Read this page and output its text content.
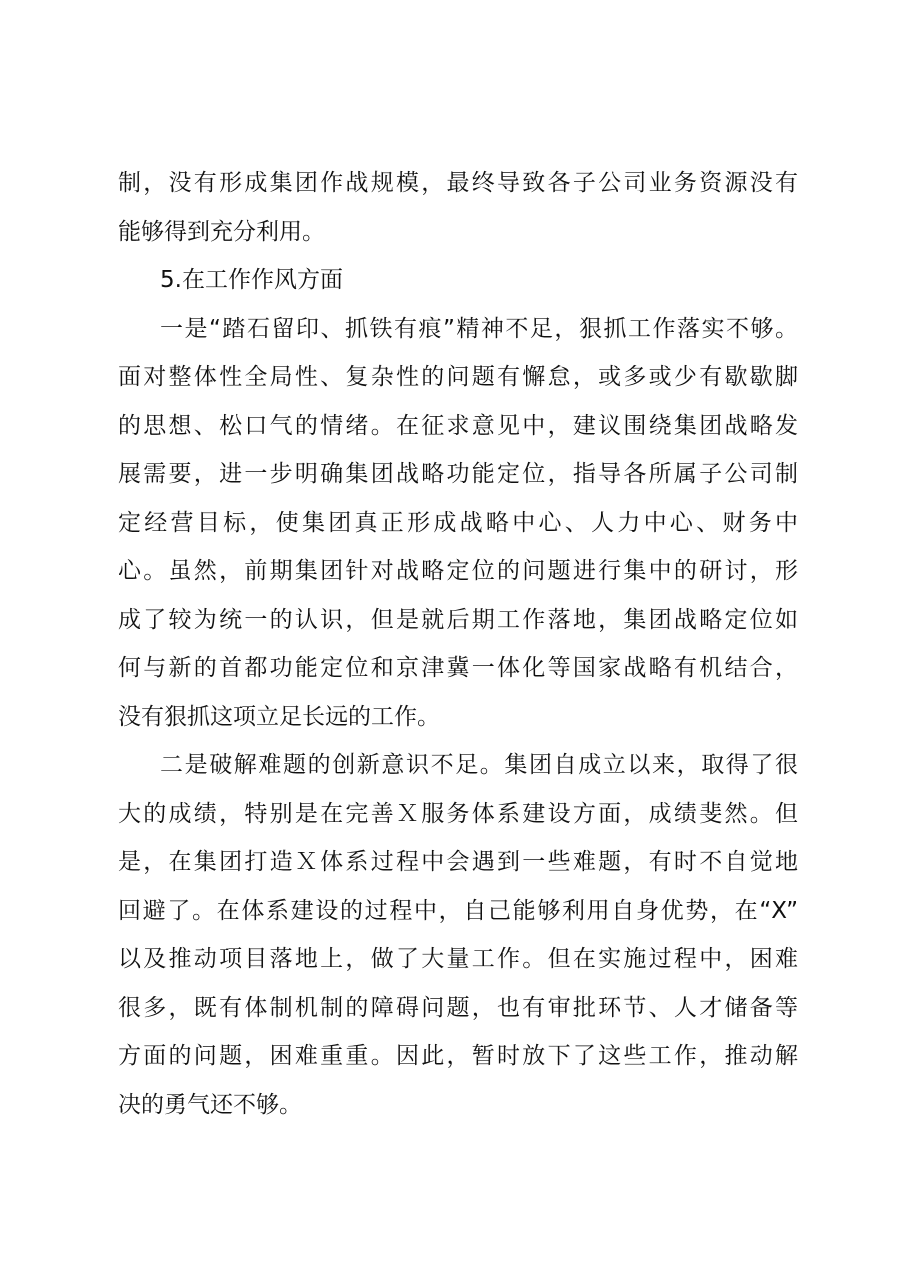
制，没有形成集团作战规模，最终导致各子公司业务资源没有

能够得到充分利用。

5.在工作作风方面

一是“踏石留印、抓铁有痕”精神不足，狠抓工作落实不够。

面对整体性全局性、复杂性的问题有懈怠，或多或少有歇歇脚

的思想、松口气的情绪。在征求意见中，建议围绕集团战略发

展需要，进一步明确集团战略功能定位，指导各所属子公司制

定经营目标，使集团真正形成战略中心、人力中心、财务中

心。虽然，前期集团针对战略定位的问题进行集中的研讨，形

成了较为统一的认识，但是就后期工作落地，集团战略定位如

何与新的首都功能定位和京津冀一体化等国家战略有机结合，

没有狠抓这项立足长远的工作。

二是破解难题的创新意识不足。集团自成立以来，取得了很

大的成绩，特别是在完善Ｘ服务体系建设方面，成绩斐然。但

是，在集团打造Ｘ体系过程中会遇到一些难题，有时不自觉地

回避了。在体系建设的过程中，自己能够利用自身优势，在“X”

以及推动项目落地上，做了大量工作。但在实施过程中，困难

很多，既有体制机制的障碍问题，也有审批环节、人才储备等

方面的问题，困难重重。因此，暂时放下了这些工作，推动解

决的勇气还不够。
